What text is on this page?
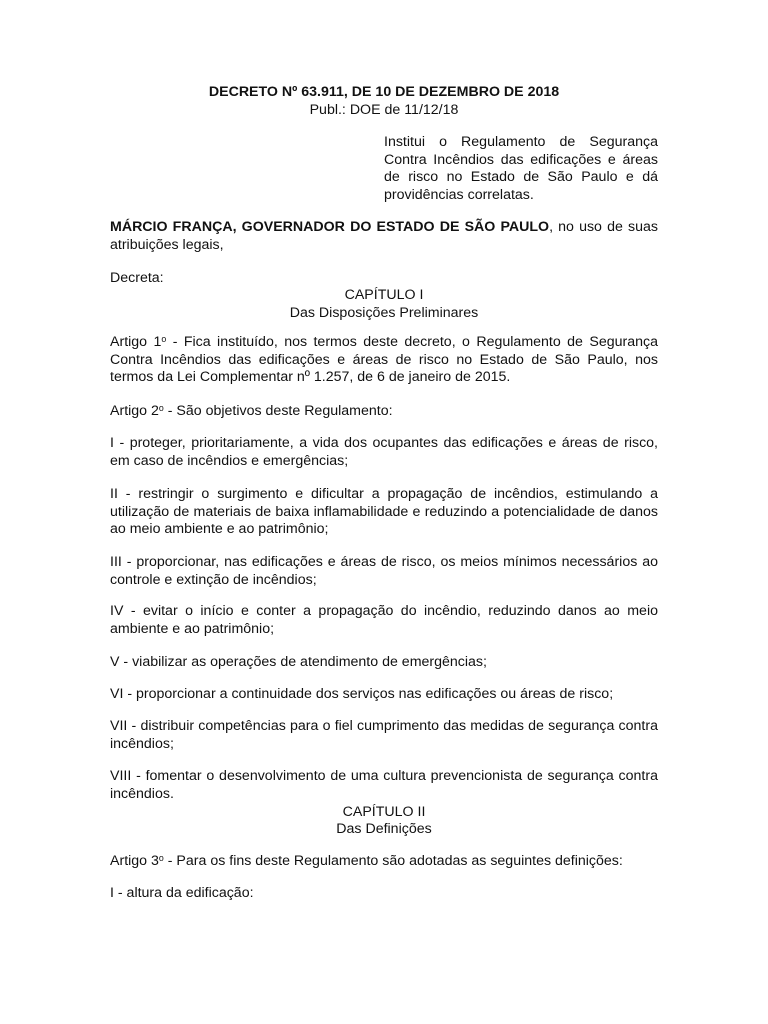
DECRETO Nº 63.911, DE 10 DE DEZEMBRO DE 2018

Publ.: DOE de 11/12/18

Institui o Regulamento de Segurança Contra Incêndios das edificações e áreas de risco no Estado de São Paulo e dá providências correlatas.

MÁRCIO FRANÇA, GOVERNADOR DO ESTADO DE SÃO PAULO, no uso de suas atribuições legais,

Decreta:

CAPÍTULO I

Das Disposições Preliminares

Artigo 1$^o$ - Fica instituído, nos termos deste decreto, o Regulamento de Segurança Contra Incêndios das edificações e áreas de risco no Estado de São Paulo, nos termos da Lei Complementar nº 1.257, de 6 de janeiro de 2015.

Artigo 2$^o$ - São objetivos deste Regulamento:

I - proteger, prioritariamente, a vida dos ocupantes das edificações e áreas de risco, em caso de incêndios e emergências;

II - restringir o surgimento e dificultar a propagação de incêndios, estimulando a utilização de materiais de baixa inflamabilidade e reduzindo a potencialidade de danos ao meio ambiente e ao patrimônio;

III - proporcionar, nas edificações e áreas de risco, os meios mínimos necessários ao controle e extinção de incêndios;

IV - evitar o início e conter a propagação do incêndio, reduzindo danos ao meio ambiente e ao patrimônio;

V - viabilizar as operações de atendimento de emergências;

VI - proporcionar a continuidade dos serviços nas edificações ou áreas de risco;

VII - distribuir competências para o fiel cumprimento das medidas de segurança contra incêndios;

VIII - fomentar o desenvolvimento de uma cultura prevencionista de segurança contra incêndios.

CAPÍTULO II

Das Definições

Artigo 3$^o$ - Para os fins deste Regulamento são adotadas as seguintes definições:

I - altura da edificação:
